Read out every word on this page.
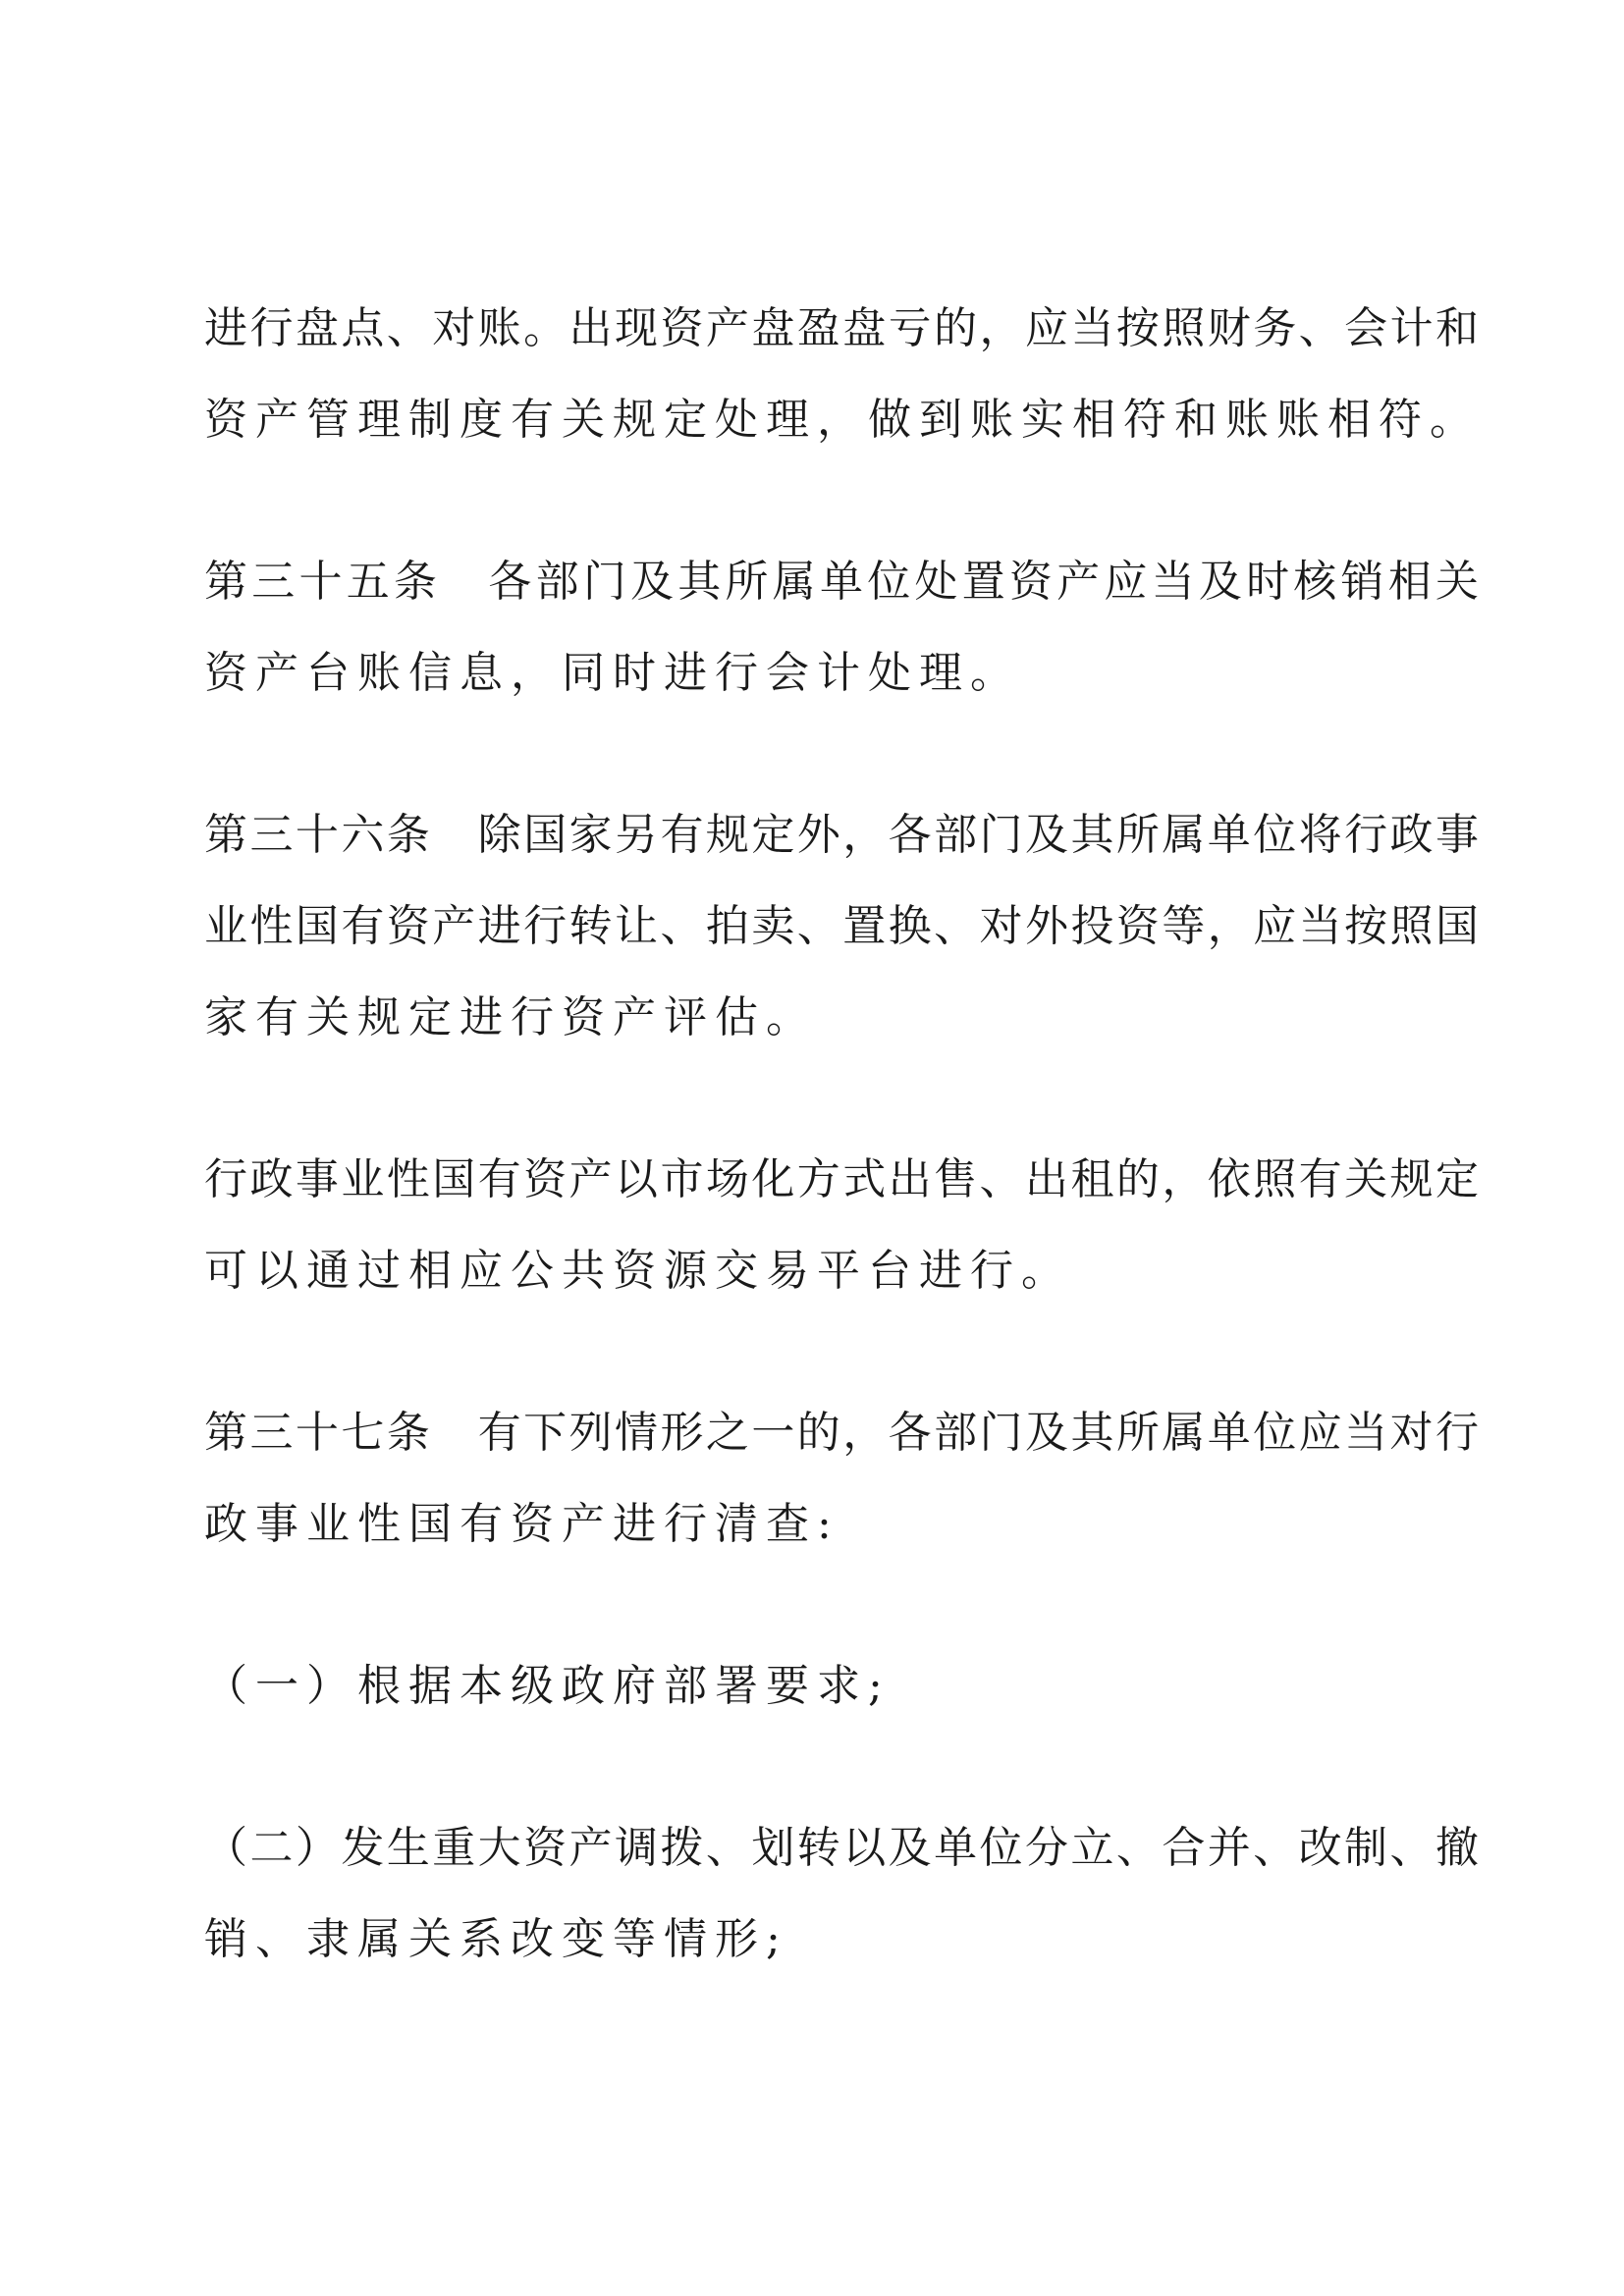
进行盘点、对账。出现资产盘盈盘亏的，应当按照财务、会计和
资产管理制度有关规定处理，做到账实相符和账账相符。
第三十五条　各部门及其所属单位处置资产应当及时核销相关
资产台账信息，同时进行会计处理。
第三十六条　除国家另有规定外，各部门及其所属单位将行政事
业性国有资产进行转让、拍卖、置换、对外投资等，应当按照国
家有关规定进行资产评估。
行政事业性国有资产以市场化方式出售、出租的，依照有关规定
可以通过相应公共资源交易平台进行。
第三十七条　有下列情形之一的，各部门及其所属单位应当对行
政事业性国有资产进行清查:
（一）根据本级政府部署要求;
（二）发生重大资产调拨、划转以及单位分立、合并、改制、撤
销、隶属关系改变等情形;
